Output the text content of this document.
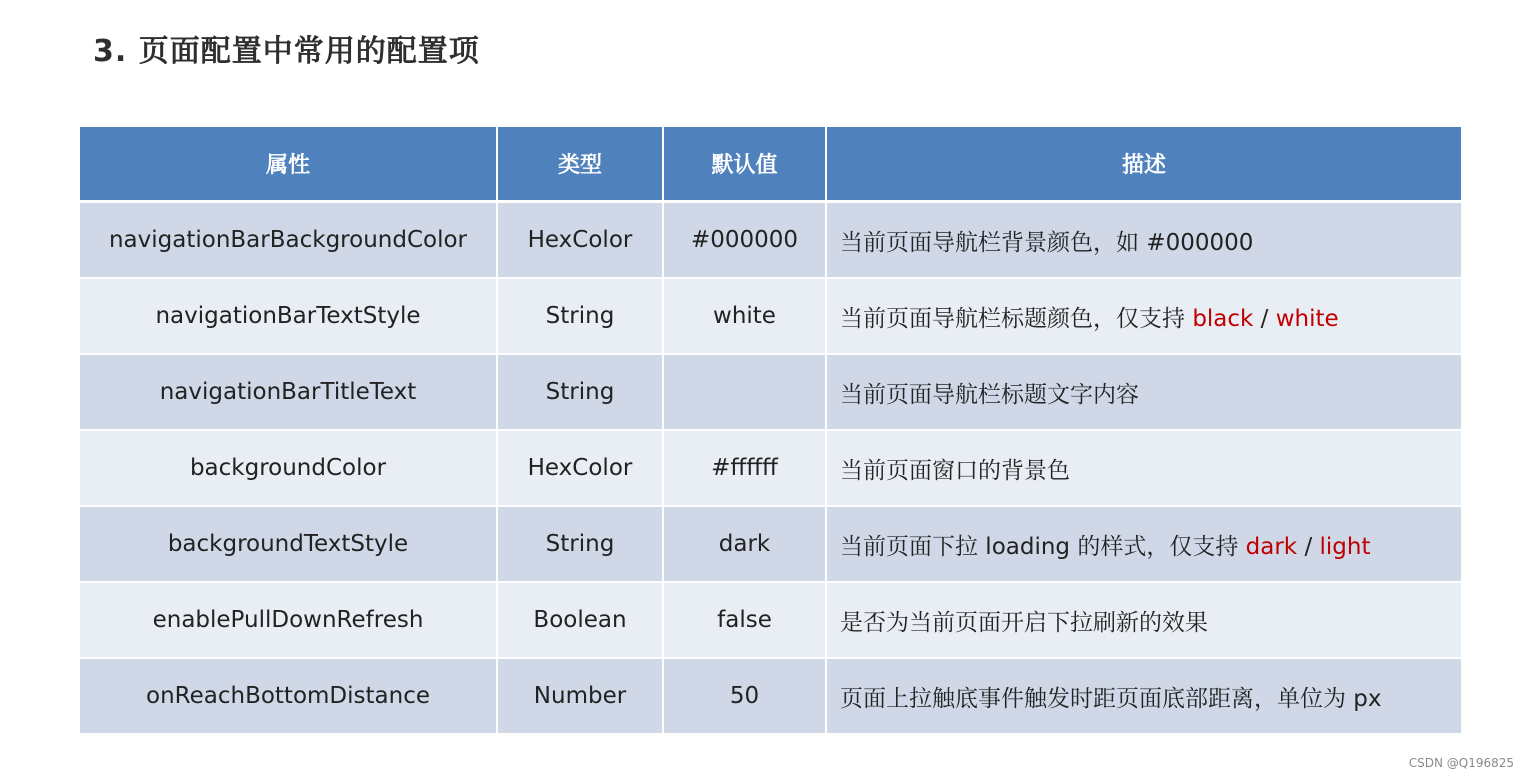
3. 页面配置中常用的配置项
属性	类型	默认值	描述
navigationBarBackgroundColor	HexColor	#000000	当前页面导航栏背景颜色，如 #000000
navigationBarTextStyle	String	white	当前页面导航栏标题颜色，仅支持 black / white
navigationBarTitleText	String		当前页面导航栏标题文字内容
backgroundColor	HexColor	#ffffff	当前页面窗口的背景色
backgroundTextStyle	String	dark	当前页面下拉 loading 的样式，仅支持 dark / light
enablePullDownRefresh	Boolean	false	是否为当前页面开启下拉刷新的效果
onReachBottomDistance	Number	50	页面上拉触底事件触发时距页面底部距离，单位为 px
CSDN @Q196825
